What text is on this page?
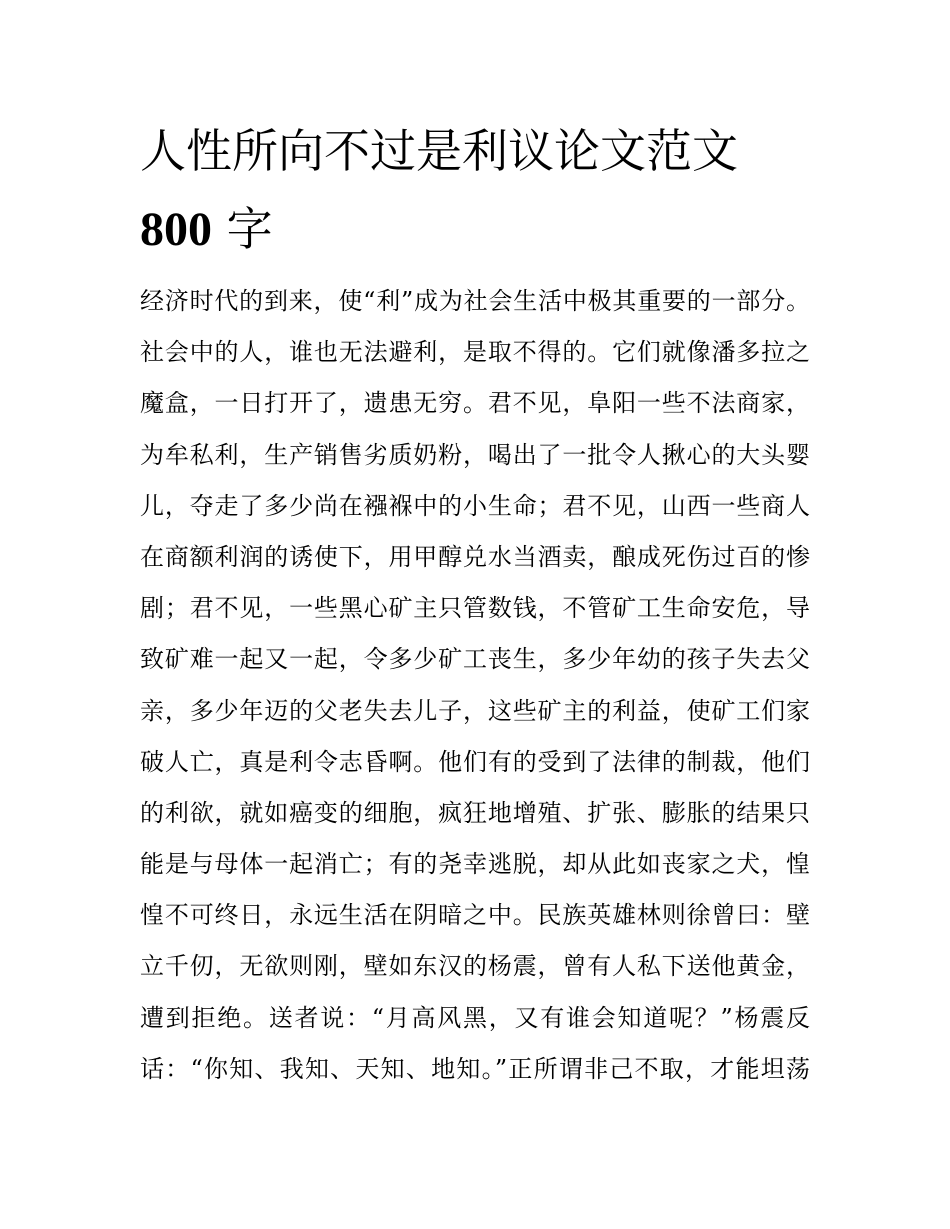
人性所向不过是利议论文范文
800 字
经济时代的到来，使“利”成为社会生活中极其重要的一部分。
社会中的人，谁也无法避利，是取不得的。它们就像潘多拉之
魔盒，一日打开了，遗患无穷。君不见，阜阳一些不法商家，
为牟私利，生产销售劣质奶粉，喝出了一批令人揪心的大头婴
儿，夺走了多少尚在襁褓中的小生命；君不见，山西一些商人
在商额利润的诱使下，用甲醇兑水当酒卖，酿成死伤过百的惨
剧；君不见，一些黑心矿主只管数钱，不管矿工生命安危，导
致矿难一起又一起，令多少矿工丧生，多少年幼的孩子失去父
亲，多少年迈的父老失去儿子，这些矿主的利益，使矿工们家
破人亡，真是利令志昏啊。他们有的受到了法律的制裁，他们
的利欲，就如癌变的细胞，疯狂地增殖、扩张、膨胀的结果只
能是与母体一起消亡；有的尧幸逃脱，却从此如丧家之犬，惶
惶不可终日，永远生活在阴暗之中。民族英雄林则徐曾曰：壁
立千仞，无欲则刚，壁如东汉的杨震，曾有人私下送他黄金，
遭到拒绝。送者说：“月高风黑，又有谁会知道呢？”杨震反
话：“你知、我知、天知、地知。”正所谓非己不取，才能坦荡
